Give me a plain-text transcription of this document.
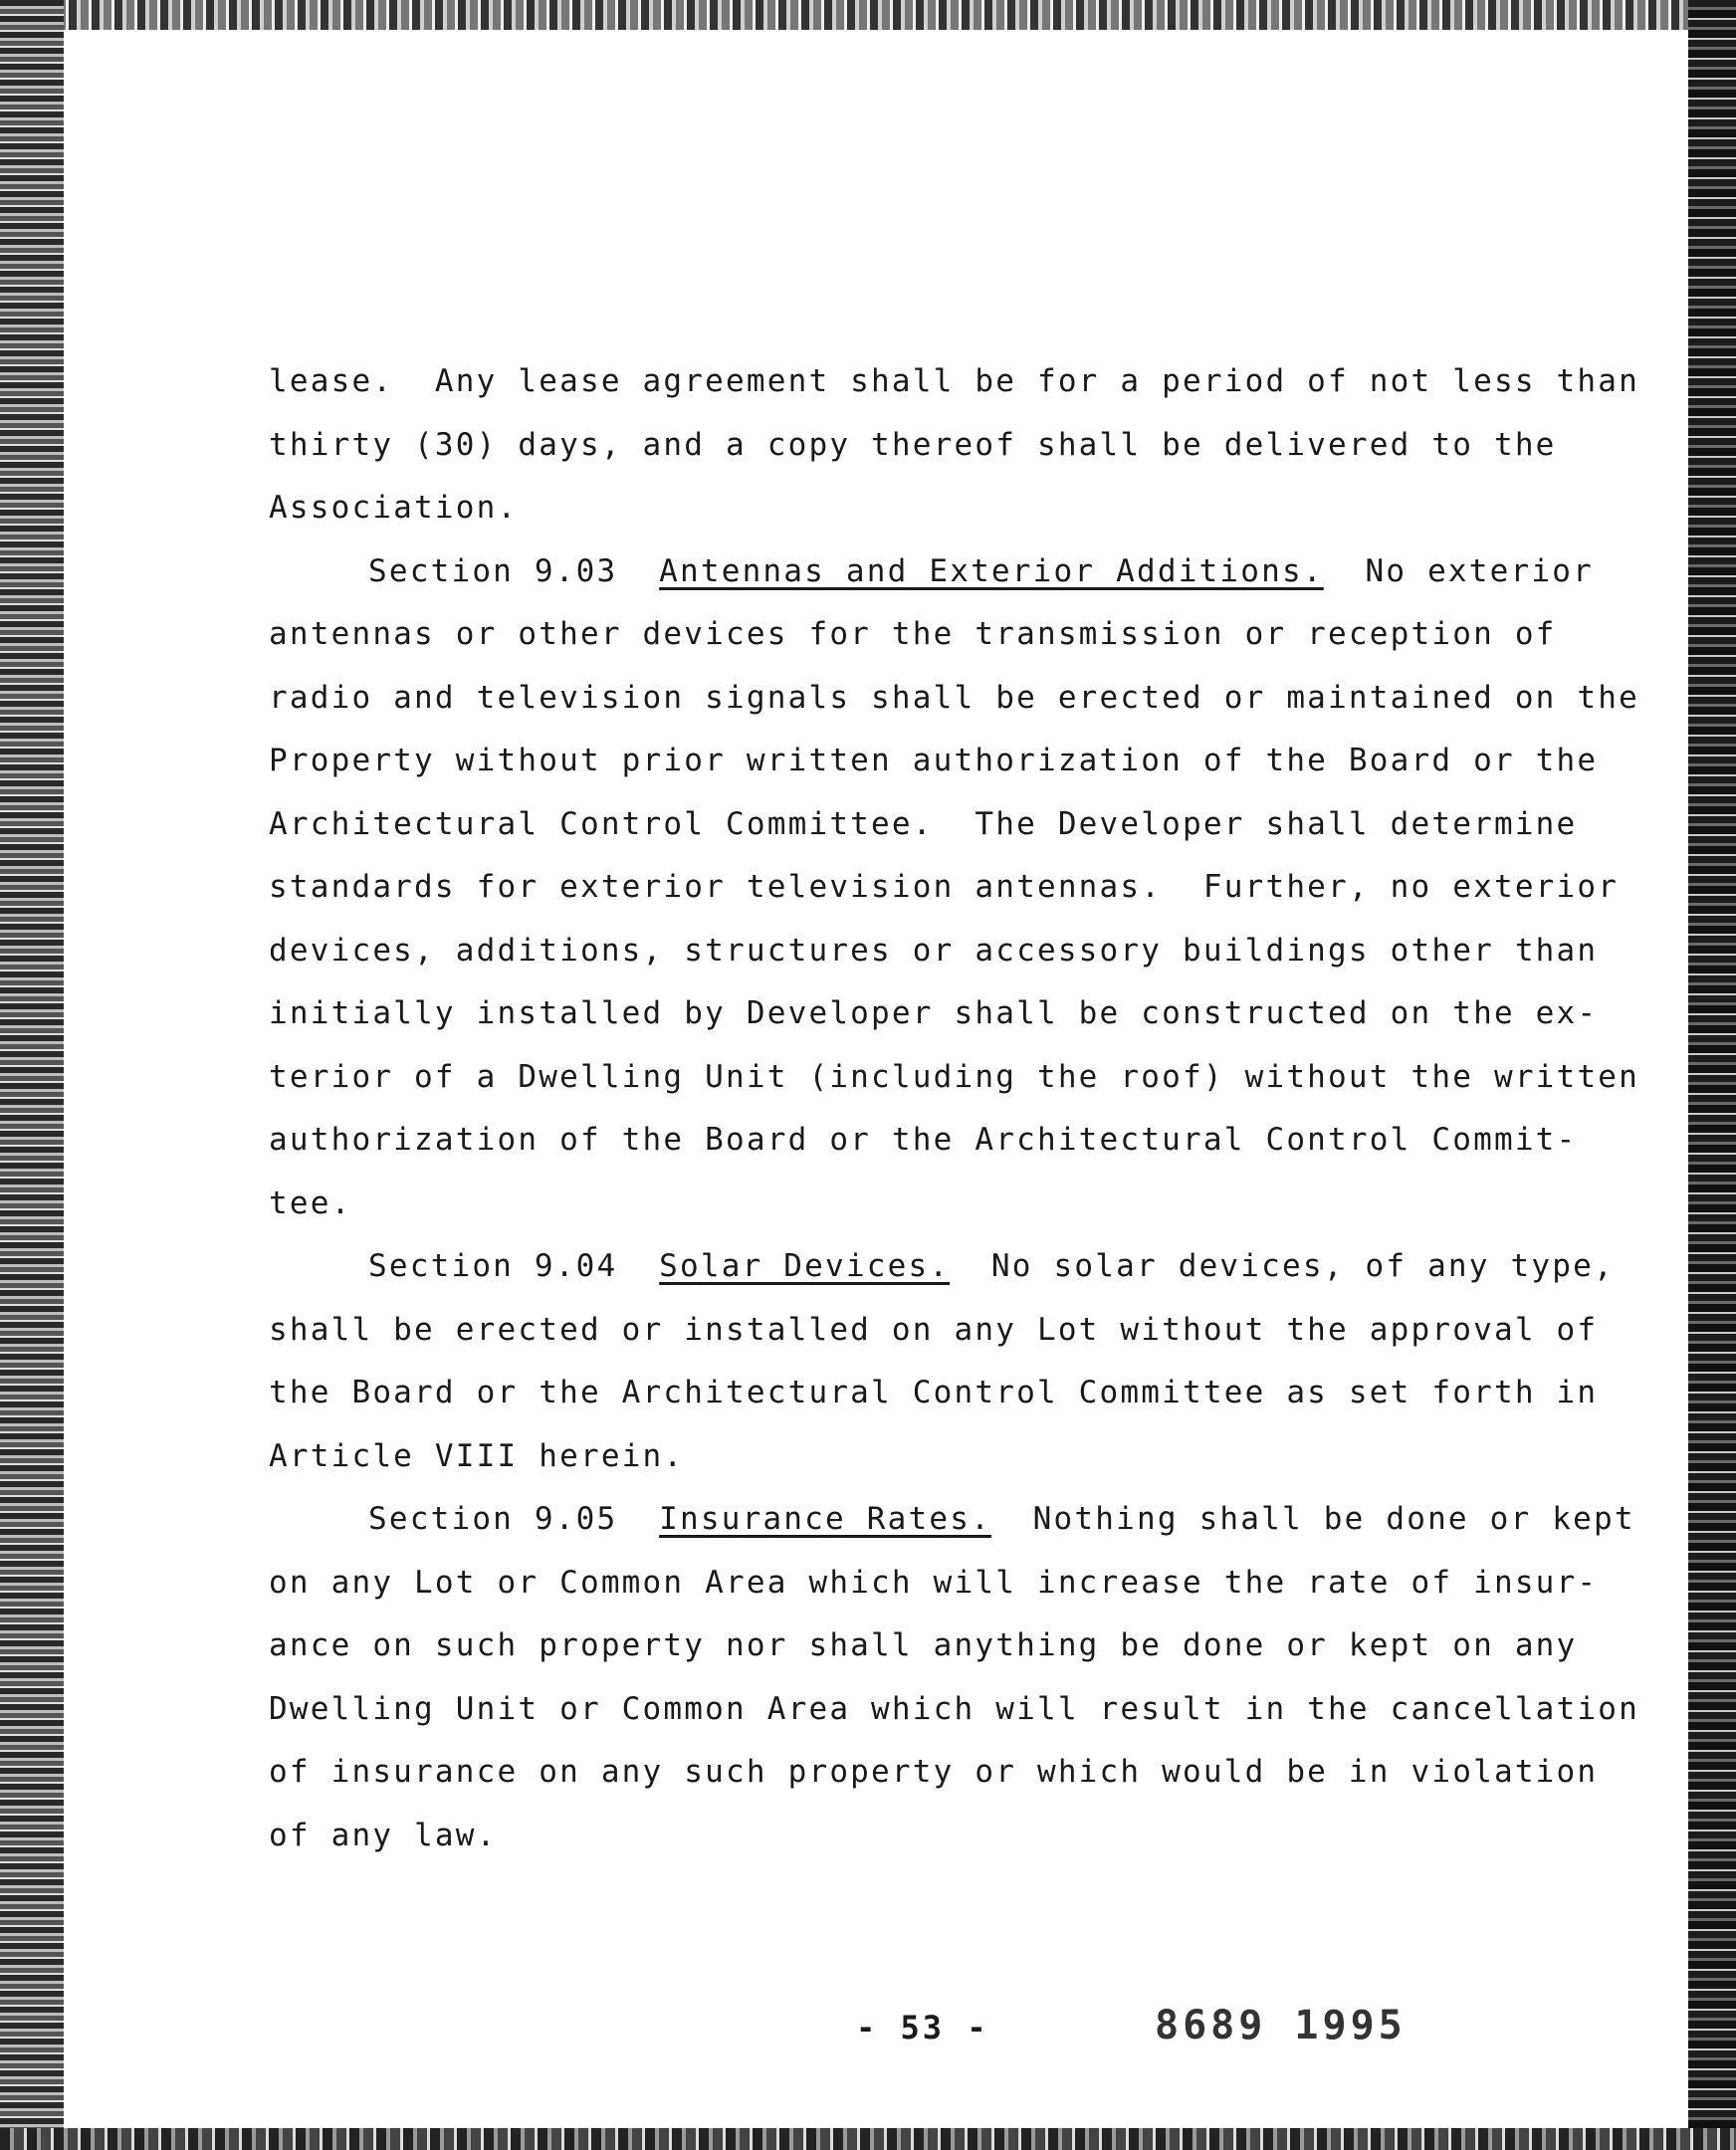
lease.  Any lease agreement shall be for a period of not less than
thirty (30) days, and a copy thereof shall be delivered to the
Association.
Section 9.03 Antennas and Exterior Additions.  No exterior
antennas or other devices for the transmission or reception of
radio and television signals shall be erected or maintained on the
Property without prior written authorization of the Board or the
Architectural Control Committee.  The Developer shall determine
standards for exterior television antennas.  Further, no exterior
devices, additions, structures or accessory buildings other than
initially installed by Developer shall be constructed on the ex-
terior of a Dwelling Unit (including the roof) without the written
authorization of the Board or the Architectural Control Commit-
tee.
Section 9.04 Solar Devices.  No solar devices, of any type,
shall be erected or installed on any Lot without the approval of
the Board or the Architectural Control Committee as set forth in
Article VIII herein.
Section 9.05 Insurance Rates.  Nothing shall be done or kept
on any Lot or Common Area which will increase the rate of insur-
ance on such property nor shall anything be done or kept on any
Dwelling Unit or Common Area which will result in the cancellation
of insurance on any such property or which would be in violation
of any law.
- 53 -	8689 1995
